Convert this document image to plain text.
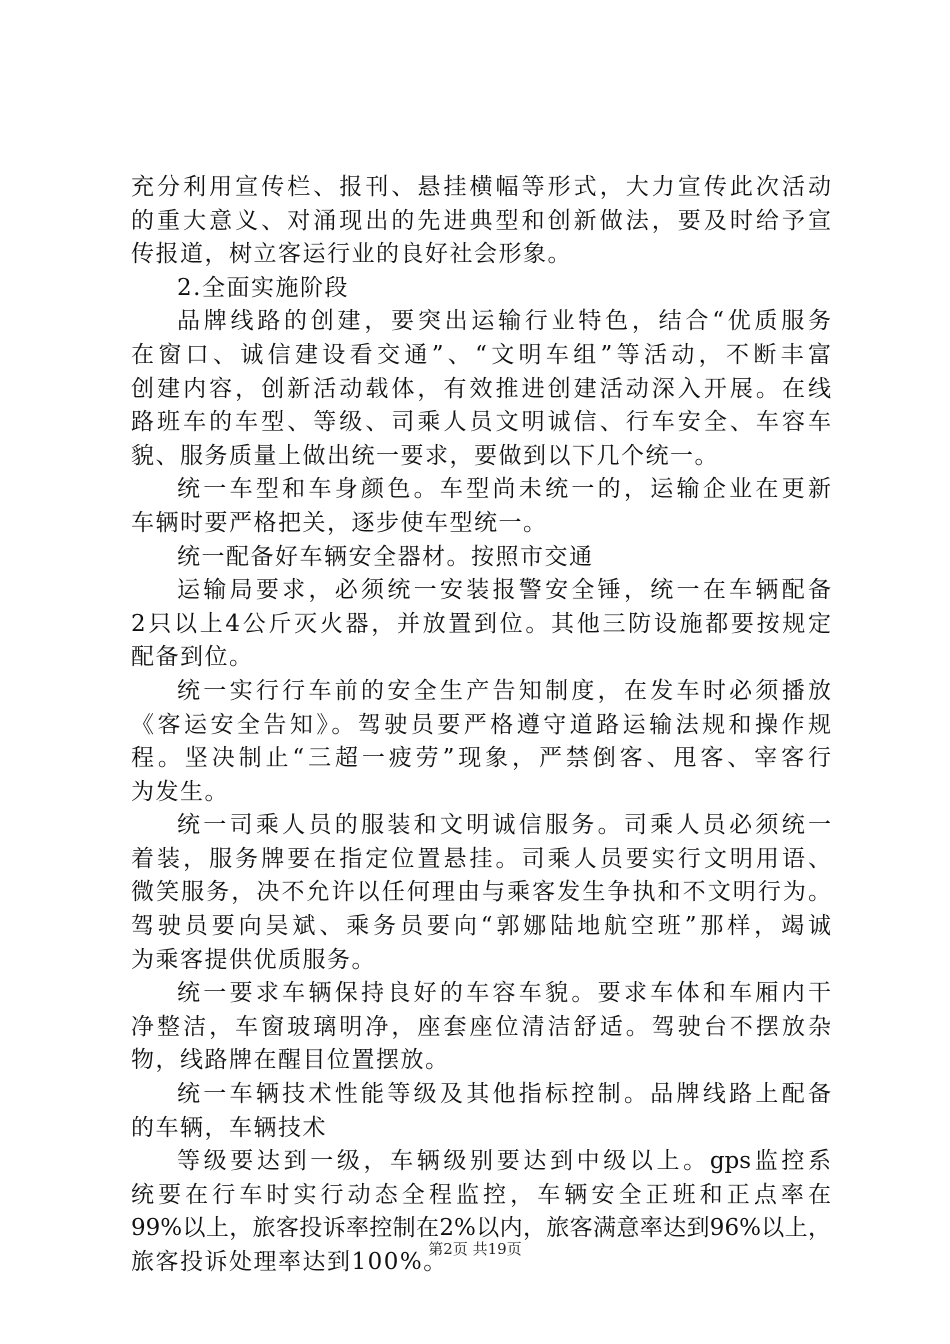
充分利用宣传栏、报刊、悬挂横幅等形式，大力宣传此次活动
的重大意义、对涌现出的先进典型和创新做法，要及时给予宣
传报道，树立客运行业的良好社会形象。
2.全面实施阶段
品牌线路的创建，要突出运输行业特色，结合“优质服务
在窗口、诚信建设看交通”、“文明车组”等活动，不断丰富
创建内容，创新活动载体，有效推进创建活动深入开展。在线
路班车的车型、等级、司乘人员文明诚信、行车安全、车容车
貌、服务质量上做出统一要求，要做到以下几个统一。
统一车型和车身颜色。车型尚未统一的，运输企业在更新
车辆时要严格把关，逐步使车型统一。
统一配备好车辆安全器材。按照市交通
运输局要求，必须统一安装报警安全锤，统一在车辆配备
2只以上4公斤灭火器，并放置到位。其他三防设施都要按规定
配备到位。
统一实行行车前的安全生产告知制度，在发车时必须播放
《客运安全告知》。驾驶员要严格遵守道路运输法规和操作规
程。坚决制止“三超一疲劳”现象，严禁倒客、甩客、宰客行
为发生。
统一司乘人员的服装和文明诚信服务。司乘人员必须统一
着装，服务牌要在指定位置悬挂。司乘人员要实行文明用语、
微笑服务，决不允许以任何理由与乘客发生争执和不文明行为。
驾驶员要向吴斌、乘务员要向“郭娜陆地航空班”那样，竭诚
为乘客提供优质服务。
统一要求车辆保持良好的车容车貌。要求车体和车厢内干
净整洁，车窗玻璃明净，座套座位清洁舒适。驾驶台不摆放杂
物，线路牌在醒目位置摆放。
统一车辆技术性能等级及其他指标控制。品牌线路上配备
的车辆，车辆技术
等级要达到一级，车辆级别要达到中级以上。gps监控系
统要在行车时实行动态全程监控，车辆安全正班和正点率在
99%以上，旅客投诉率控制在2%以内，旅客满意率达到96%以上，
旅客投诉处理率达到100%。
第2页 共19页
